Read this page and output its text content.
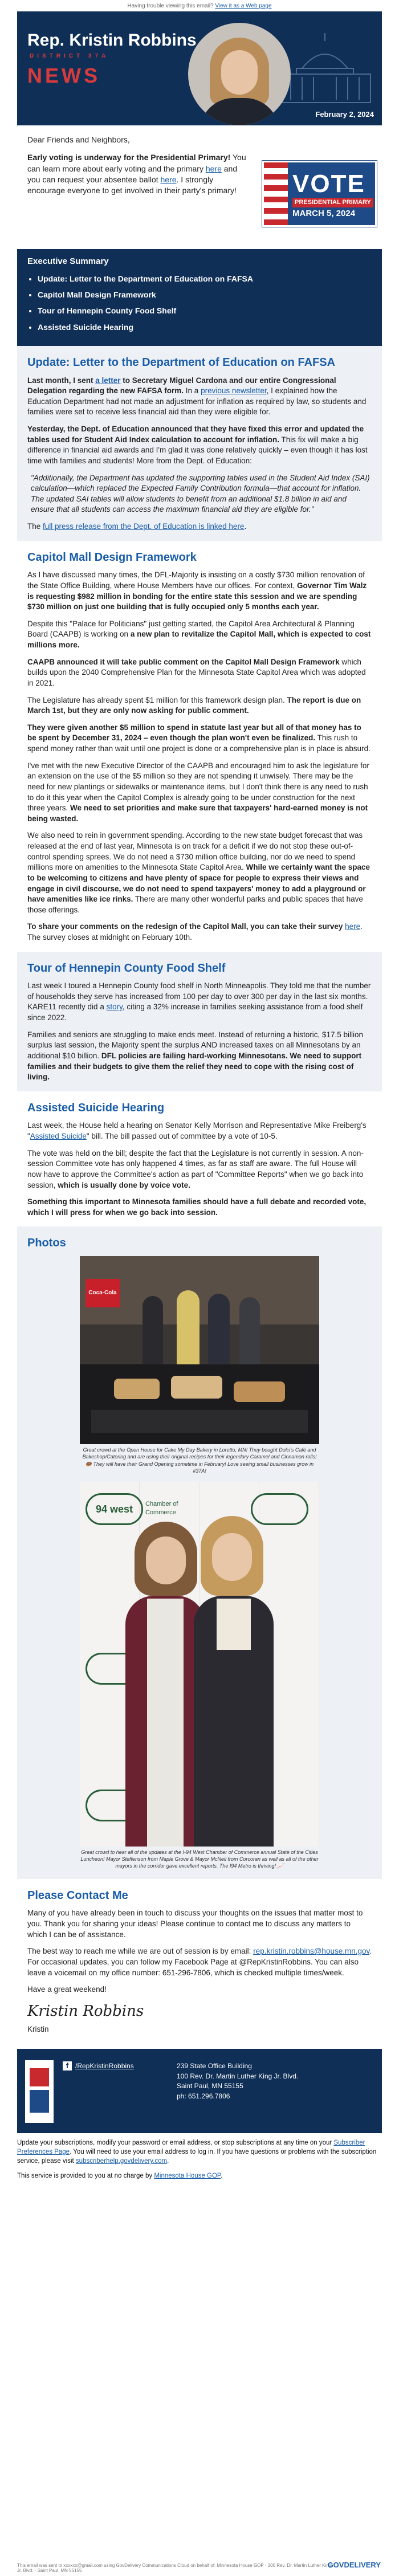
Having trouble viewing this email? View it as a Web page
Rep. Kristin Robbins
DISTRICT 37A
NEWS
February 2, 2024

Dear Friends and Neighbors,

Early voting is underway for the Presidential Primary! You can learn more about early voting and the primary here and you can request your absentee ballot here. I strongly encourage everyone to get involved in their party's primary!	VOTE
PRESIDENTIAL PRIMARY
MARCH 5, 2024
Executive Summary
• Update: Letter to the Department of Education on FAFSA
• Capitol Mall Design Framework
• Tour of Hennepin County Food Shelf
• Assisted Suicide Hearing
Update: Letter to the Department of Education on FAFSA

Last month, I sent a letter to Secretary Miguel Cardona and our entire Congressional Delegation regarding the new FAFSA form. In a previous newsletter, I explained how the Education Department had not made an adjustment for inflation as required by law, so students and families were set to receive less financial aid than they were eligible for.

Yesterday, the Dept. of Education announced that they have fixed this error and updated the tables used for Student Aid Index calculation to account for inflation. This fix will make a big difference in financial aid awards and I'm glad it was done relatively quickly – even though it has lost time with families and students! More from the Dept. of Education:

"Additionally, the Department has updated the supporting tables used in the Student Aid Index (SAI) calculation—which replaced the Expected Family Contribution formula—that account for inflation. The updated SAI tables will allow students to benefit from an additional $1.8 billion in aid and ensure that all students can access the maximum financial aid they are eligible for."

The full press release from the Dept. of Education is linked here.

Capitol Mall Design Framework

As I have discussed many times, the DFL-Majority is insisting on a costly $730 million renovation of the State Office Building, where House Members have our offices. For context, Governor Tim Walz is requesting $982 million in bonding for the entire state this session and we are spending $730 million on just one building that is fully occupied only 5 months each year.

Despite this "Palace for Politicians" just getting started, the Capitol Area Architectural & Planning Board (CAAPB) is working on a new plan to revitalize the Capitol Mall, which is expected to cost millions more.

CAAPB announced it will take public comment on the Capitol Mall Design Framework which builds upon the 2040 Comprehensive Plan for the Minnesota State Capitol Area which was adopted in 2021.

The Legislature has already spent $1 million for this framework design plan. The report is due on March 1st, but they are only now asking for public comment.

They were given another $5 million to spend in statute last year but all of that money has to be spent by December 31, 2024 – even though the plan won't even be finalized. This rush to spend money rather than wait until one project is done or a comprehensive plan is in place is absurd.

I've met with the new Executive Director of the CAAPB and encouraged him to ask the legislature for an extension on the use of the $5 million so they are not spending it unwisely. There may be the need for new plantings or sidewalks or maintenance items, but I don't think there is any need to rush to do it this year when the Capitol Complex is already going to be under construction for the next three years. We need to set priorities and make sure that taxpayers' hard-earned money is not being wasted.

We also need to rein in government spending. According to the new state budget forecast that was released at the end of last year, Minnesota is on track for a deficit if we do not stop these out-of-control spending sprees. We do not need a $730 million office building, nor do we need to spend millions more on amenities to the Minnesota State Capitol Area. While we certainly want the space to be welcoming to citizens and have plenty of space for people to express their views and engage in civil discourse, we do not need to spend taxpayers' money to add a playground or have amenities like ice rinks. There are many other wonderful parks and public spaces that have those offerings.

To share your comments on the redesign of the Capitol Mall, you can take their survey here. The survey closes at midnight on February 10th.

Tour of Hennepin County Food Shelf

Last week I toured a Hennepin County food shelf in North Minneapolis. They told me that the number of households they serve has increased from 100 per day to over 300 per day in the last six months. KARE11 recently did a story, citing a 32% increase in families seeking assistance from a food shelf since 2022.

Families and seniors are struggling to make ends meet. Instead of returning a historic, $17.5 billion surplus last session, the Majority spent the surplus AND increased taxes on all Minnesotans by an additional $10 billion. DFL policies are failing hard-working Minnesotans. We need to support families and their budgets to give them the relief they need to cope with the rising cost of living.

Assisted Suicide Hearing

Last week, the House held a hearing on Senator Kelly Morrison and Representative Mike Freiberg's "Assisted Suicide" bill. The bill passed out of committee by a vote of 10-5.

The vote was held on the bill; despite the fact that the Legislature is not currently in session. A non-session Committee vote has only happened 4 times, as far as staff are aware. The full House will now have to approve the Committee's action as part of "Committee Reports" when we go back into session, which is usually done by voice vote.

Something this important to Minnesota families should have a full debate and recorded vote, which I will press for when we go back into session.

Photos
Coca-Cola
Great crowd at the Open House for Cake My Day Bakery in Loretto, MN! They bought Dolci's Café and Bakeshop/Catering and are using their original recipes for their legendary Caramel and Cinnamon rolls! 🍩 They will have their Grand Opening sometime in February! Love seeing small businesses grow in #37A!
94 west	Chamber of Commerce
Great crowd to hear all of the updates at the I-94 West Chamber of Commerce annual State of the Cities Luncheon! Mayor Steffenson from Maple Grove & Mayor McNeil from Corcoran as well as all of the other mayors in the corridor gave excellent reports. The I94 Metro is thriving! 📈
Please Contact Me

Many of you have already been in touch to discuss your thoughts on the issues that matter most to you. Thank you for sharing your ideas! Please continue to contact me to discuss any matters to which I can be of assistance.

The best way to reach me while we are out of session is by email: rep.kristin.robbins@house.mn.gov. For occasional updates, you can follow my Facebook Page at @RepKristinRobbins. You can also leave a voicemail on my office number: 651-296-7806, which is checked multiple times/week.

Have a great weekend!

Kristin Robbins

Kristin

f /RepKristinRobbins	239 State Office Building
100 Rev. Dr. Martin Luther King Jr. Blvd.
Saint Paul, MN 55155
ph: 651.296.7806

Update your subscriptions, modify your password or email address, or stop subscriptions at any time on your Subscriber Preferences Page. You will need to use your email address to log in. If you have questions or problems with the subscription service, please visit subscriberhelp.govdelivery.com.

This service is provided to you at no charge by Minnesota House GOP.

This email was sent to xxxxxx@gmail.com using GovDelivery Communications Cloud on behalf of: Minnesota House GOP · 100 Rev. Dr. Martin Luther King Jr. Blvd. · Saint Paul, MN 55155
GOVDELIVERY
